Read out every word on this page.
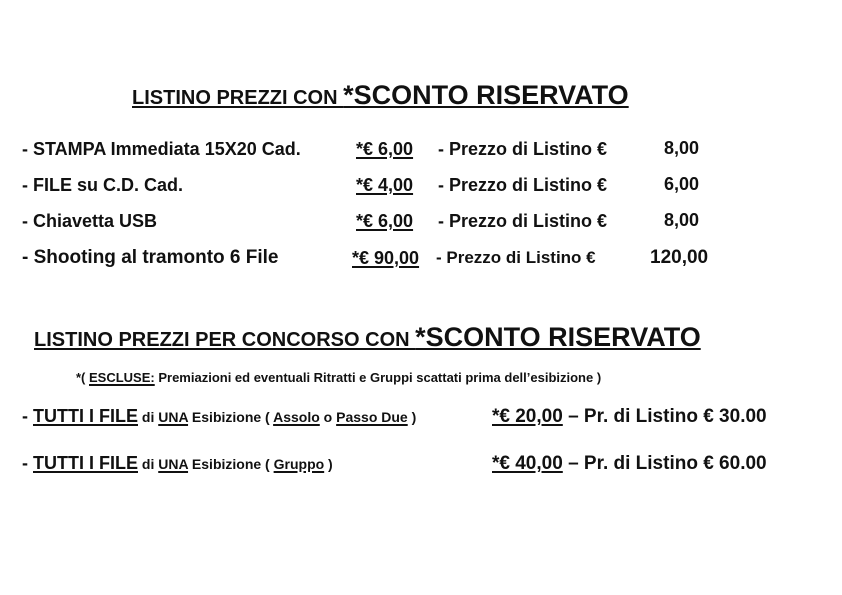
LISTINO PREZZI CON *SCONTO RISERVATO
- STAMPA Immediata 15X20 Cad.	*€ 6,00 - Prezzo di Listino €	8,00
- FILE su C.D. Cad.	*€ 4,00 - Prezzo di Listino €	6,00
- Chiavetta USB	*€ 6,00 - Prezzo di Listino €	8,00
- Shooting al tramonto 6 File	*€ 90,00 - Prezzo di Listino €	120,00
LISTINO PREZZI PER CONCORSO CON *SCONTO RISERVATO
*( ESCLUSE: Premiazioni ed eventuali Ritratti e Gruppi scattati prima dell’esibizione )
- TUTTI I FILE di UNA Esibizione ( Assolo o Passo Due )	*€ 20,00 – Pr. di Listino € 30.00
- TUTTI I FILE di UNA Esibizione ( Gruppo )	*€ 40,00 – Pr. di Listino € 60.00
